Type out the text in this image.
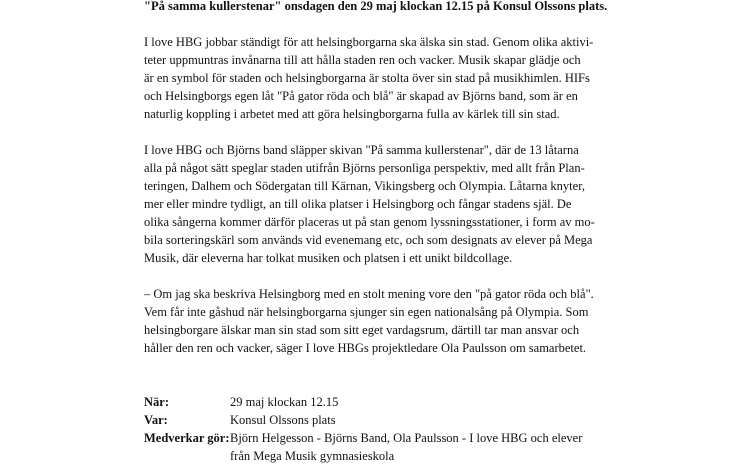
"På samma kullerstenar" onsdagen den 29 maj klockan 12.15 på Konsul Olssons plats.

I love HBG jobbar ständigt för att helsingborgarna ska älska sin stad. Genom olika aktivi-
teter uppmuntras invånarna till att hålla staden ren och vacker. Musik skapar glädje och
är en symbol för staden och helsingborgarna är stolta över sin stad på musikhimlen. HIFs
och Helsingborgs egen låt "På gator röda och blå" är skapad av Björns band, som är en
naturlig koppling i arbetet med att göra helsingborgarna fulla av kärlek till sin stad.

I love HBG och Björns band släpper skivan "På samma kullerstenar", där de 13 låtarna
alla på något sätt speglar staden utifrån Björns personliga perspektiv, med allt från Plan-
teringen, Dalhem och Södergatan till Kärnan, Vikingsberg och Olympia. Låtarna knyter,
mer eller mindre tydligt, an till olika platser i Helsingborg och fångar stadens själ. De
olika sångerna kommer därför placeras ut på stan genom lyssningsstationer, i form av mo-
bila sorteringskärl som används vid evenemang etc, och som designats av elever på Mega
Musik, där eleverna har tolkat musiken och platsen i ett unikt bildcollage.

– Om jag ska beskriva Helsingborg med en stolt mening vore den "på gator röda och blå".
Vem får inte gåshud när helsingborgarna sjunger sin egen nationalsång på Olympia. Som
helsingborgare älskar man sin stad som sitt eget vardagsrum, därtill tar man ansvar och
håller den ren och vacker, säger I love HBGs projektledare Ola Paulsson om samarbetet.

När:	29 maj klockan 12.15
Var:	Konsul Olssons plats
Medverkar gör: Björn Helgesson - Björns Band, Ola Paulsson - I love HBG och elever
från Mega Musik gymnasieskola
